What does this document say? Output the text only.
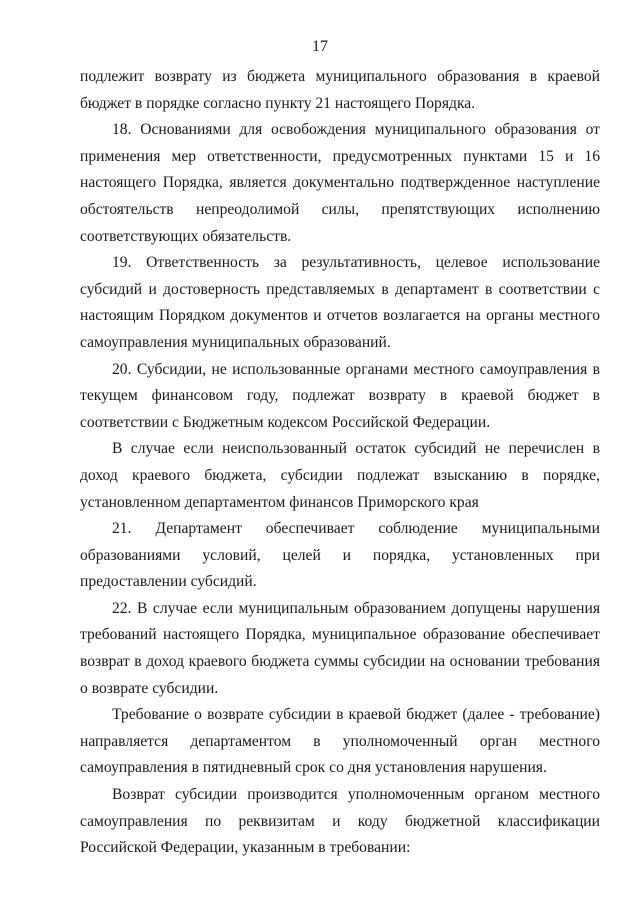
17

подлежит возврату из бюджета муниципального образования в краевой бюджет в порядке согласно пункту 21 настоящего Порядка.

18. Основаниями для освобождения муниципального образования от применения мер ответственности, предусмотренных пунктами 15 и 16 настоящего Порядка, является документально подтвержденное наступление обстоятельств непреодолимой силы, препятствующих исполнению соответствующих обязательств.

19. Ответственность за результативность, целевое использование субсидий и достоверность представляемых в департамент в соответствии с настоящим Порядком документов и отчетов возлагается на органы местного самоуправления муниципальных образований.

20. Субсидии, не использованные органами местного самоуправления в текущем финансовом году, подлежат возврату в краевой бюджет в соответствии с Бюджетным кодексом Российской Федерации.

В случае если неиспользованный остаток субсидий не перечислен в доход краевого бюджета, субсидии подлежат взысканию в порядке, установленном департаментом финансов Приморского края

21. Департамент обеспечивает соблюдение муниципальными образованиями условий, целей и порядка, установленных при предоставлении субсидий.

22. В случае если муниципальным образованием допущены нарушения требований настоящего Порядка, муниципальное образование обеспечивает возврат в доход краевого бюджета суммы субсидии на основании требования о возврате субсидии.

Требование о возврате субсидии в краевой бюджет (далее - требование) направляется департаментом в уполномоченный орган местного самоуправления в пятидневный срок со дня установления нарушения.

Возврат субсидии производится уполномоченным органом местного самоуправления по реквизитам и коду бюджетной классификации Российской Федерации, указанным в требовании:
